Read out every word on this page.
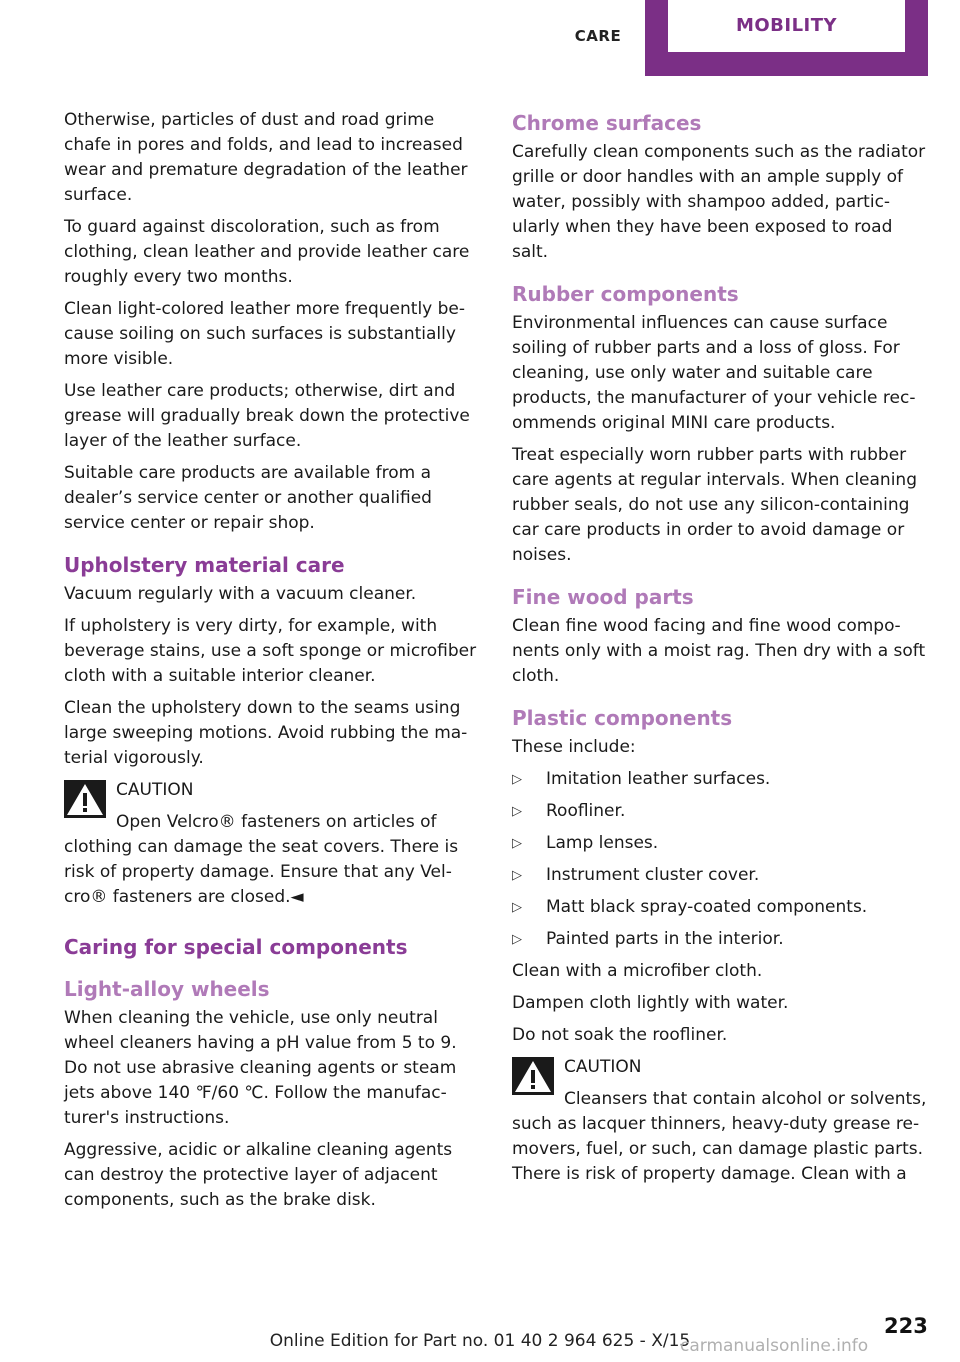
CARE	MOBILITY

Otherwise, particles of dust and road grime chafe in pores and folds, and lead to increased wear and premature degradation of the leather surface.

To guard against discoloration, such as from clothing, clean leather and provide leather care roughly every two months.

Clean light-colored leather more frequently because soiling on such surfaces is substantially more visible.

Use leather care products; otherwise, dirt and grease will gradually break down the protective layer of the leather surface.

Suitable care products are available from a dealer’s service center or another qualified service center or repair shop.

Upholstery material care

Vacuum regularly with a vacuum cleaner.

If upholstery is very dirty, for example, with beverage stains, use a soft sponge or microfiber cloth with a suitable interior cleaner.

Clean the upholstery down to the seams using large sweeping motions. Avoid rubbing the material vigorously.

CAUTION

Open Velcro® fasteners on articles of clothing can damage the seat covers. There is risk of property damage. Ensure that any Velcro® fasteners are closed.◄

Caring for special components
Light-alloy wheels

When cleaning the vehicle, use only neutral wheel cleaners having a pH value from 5 to 9. Do not use abrasive cleaning agents or steam jets above 140 ℉/60 ℃. Follow the manufacturer's instructions.

Aggressive, acidic or alkaline cleaning agents can destroy the protective layer of adjacent components, such as the brake disk.

Chrome surfaces

Carefully clean components such as the radiator grille or door handles with an ample supply of water, possibly with shampoo added, particularly when they have been exposed to road salt.

Rubber components

Environmental influences can cause surface soiling of rubber parts and a loss of gloss. For cleaning, use only water and suitable care products, the manufacturer of your vehicle recommends original MINI care products.

Treat especially worn rubber parts with rubber care agents at regular intervals. When cleaning rubber seals, do not use any silicon-containing car care products in order to avoid damage or noises.

Fine wood parts

Clean fine wood facing and fine wood components only with a moist rag. Then dry with a soft cloth.

Plastic components

These include:

▷ Imitation leather surfaces.
▷ Roofliner.
▷ Lamp lenses.
▷ Instrument cluster cover.
▷ Matt black spray-coated components.
▷ Painted parts in the interior.

Clean with a microfiber cloth.

Dampen cloth lightly with water.

Do not soak the roofliner.

CAUTION

Cleansers that contain alcohol or solvents, such as lacquer thinners, heavy-duty grease removers, fuel, or such, can damage plastic parts. There is risk of property damage. Clean with a

Online Edition for Part no. 01 40 2 964 625 - X/15
223
carmanualsonline.info
